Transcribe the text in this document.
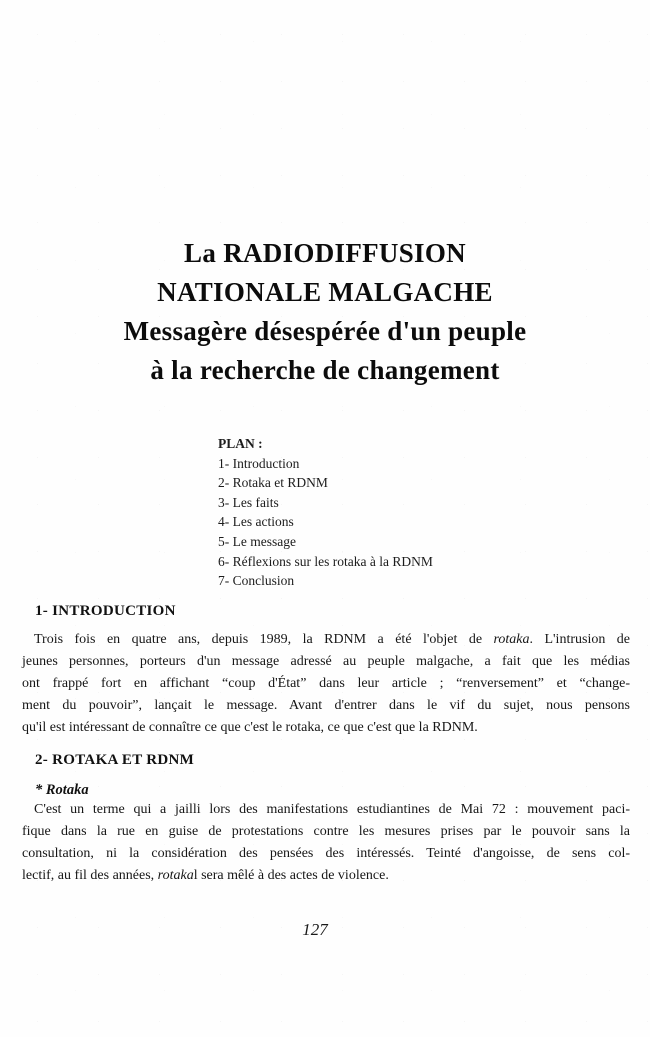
La RADIODIFFUSION
NATIONALE MALGACHE
Messagère désespérée d'un peuple
à la recherche de changement
PLAN :
1- Introduction
2- Rotaka et RDNM
3- Les faits
4- Les actions
5- Le message
6- Réflexions sur les rotaka à la RDNM
7- Conclusion
1- INTRODUCTION
Trois fois en quatre ans, depuis 1989, la RDNM a été l'objet de rotaka. L'intrusion de
jeunes personnes, porteurs d'un message adressé au peuple malgache, a fait que les médias
ont frappé fort en affichant “coup d'État” dans leur article ; “renversement” et “change-
ment du pouvoir”, lançait le message. Avant d'entrer dans le vif du sujet, nous pensons
qu'il est intéressant de connaître ce que c'est le rotaka, ce que c'est que la RDNM.
2- ROTAKA ET RDNM
* Rotaka
C'est un terme qui a jailli lors des manifestations estudiantines de Mai 72 : mouvement paci-
fique dans la rue en guise de protestations contre les mesures prises par le pouvoir sans la
consultation, ni la considération des pensées des intéressés. Teinté d'angoisse, de sens col-
lectif, au fil des années, rotakal sera mêlé à des actes de violence.
127
